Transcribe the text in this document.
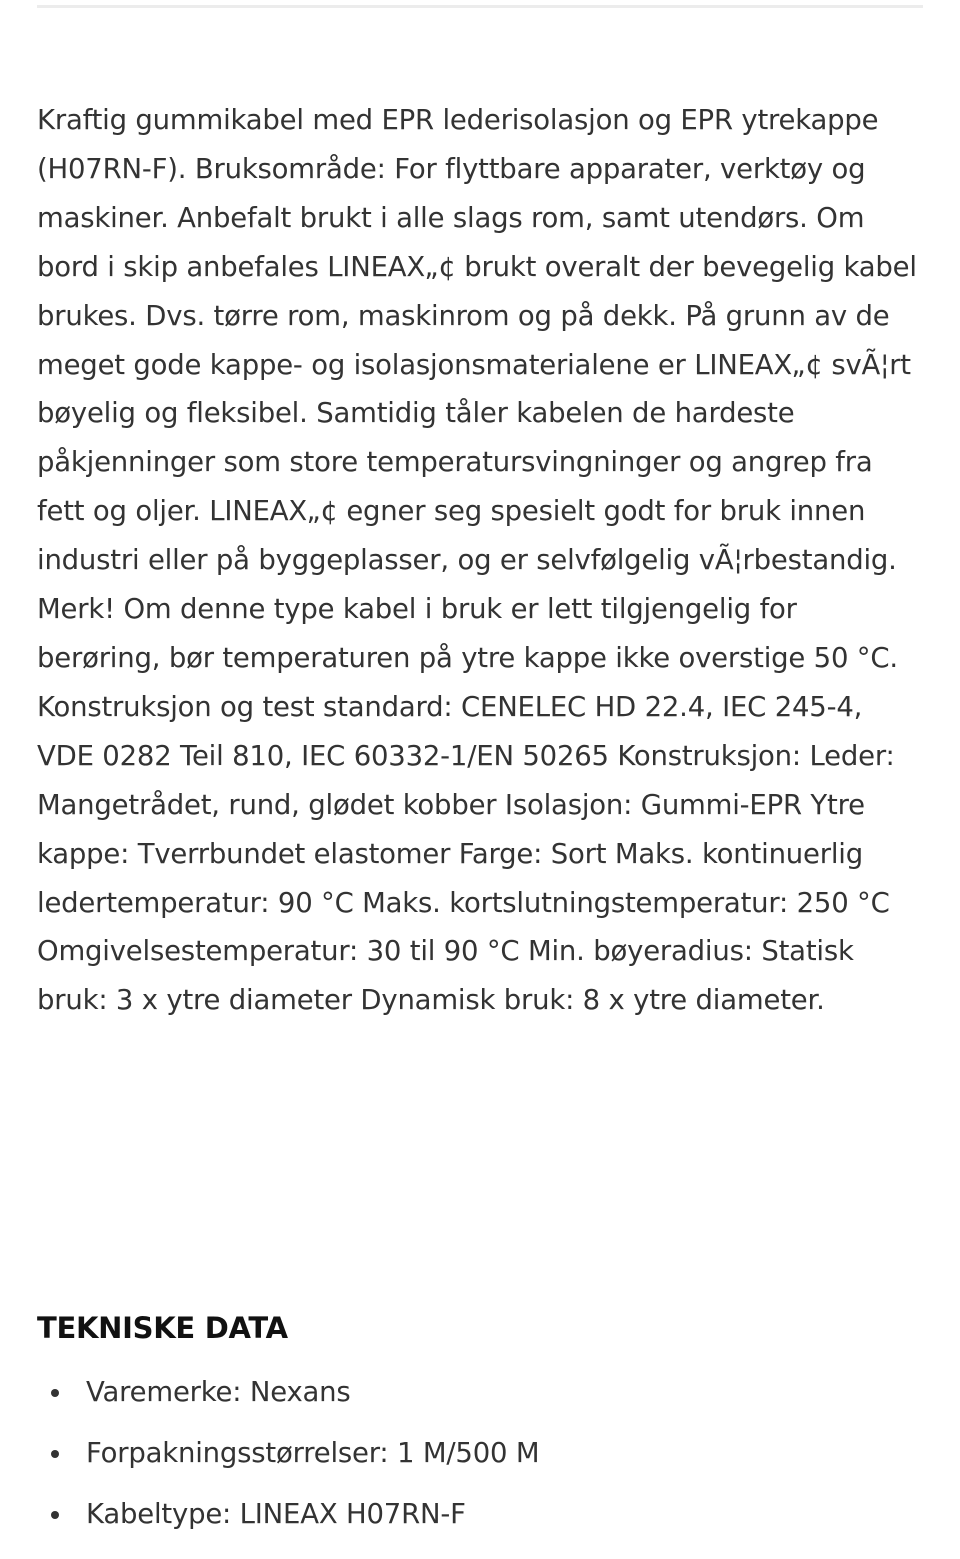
Kraftig gummikabel med EPR lederisolasjon og EPR ytrekappe (H07RN-F). Bruksområde: For flyttbare apparater, verktøy og maskiner. Anbefalt brukt i alle slags rom, samt utendørs. Om bord i skip anbefales LINEAX„¢ brukt overalt der bevegelig kabel brukes. Dvs. tørre rom, maskinrom og på dekk. På grunn av de meget gode kappe- og isolasjonsmaterialene er LINEAX„¢ svÃ¦rt bøyelig og fleksibel. Samtidig tåler kabelen de hardeste påkjenninger som store temperatursvingninger og angrep fra fett og oljer. LINEAX„¢ egner seg spesielt godt for bruk innen industri eller på byggeplasser, og er selvfølgelig vÃ¦rbestandig. Merk! Om denne type kabel i bruk er lett tilgjengelig for berøring, bør temperaturen på ytre kappe ikke overstige 50 °C. Konstruksjon og test standard: CENELEC HD 22.4, IEC 245-4, VDE 0282 Teil 810, IEC 60332-1/EN 50265 Konstruksjon: Leder: Mangetrådet, rund, glødet kobber Isolasjon: Gummi-EPR Ytre kappe: Tverrbundet elastomer Farge: Sort Maks. kontinuerlig ledertemperatur: 90 °C Maks. kortslutningstemperatur: 250 °C Omgivelsestemperatur: 30 til 90 °C Min. bøyeradius: Statisk bruk: 3 x ytre diameter Dynamisk bruk: 8 x ytre diameter.

TEKNISKE DATA
Varemerke: Nexans
Forpakningsstørrelser: 1 M/500 M
Kabeltype: LINEAX H07RN-F
